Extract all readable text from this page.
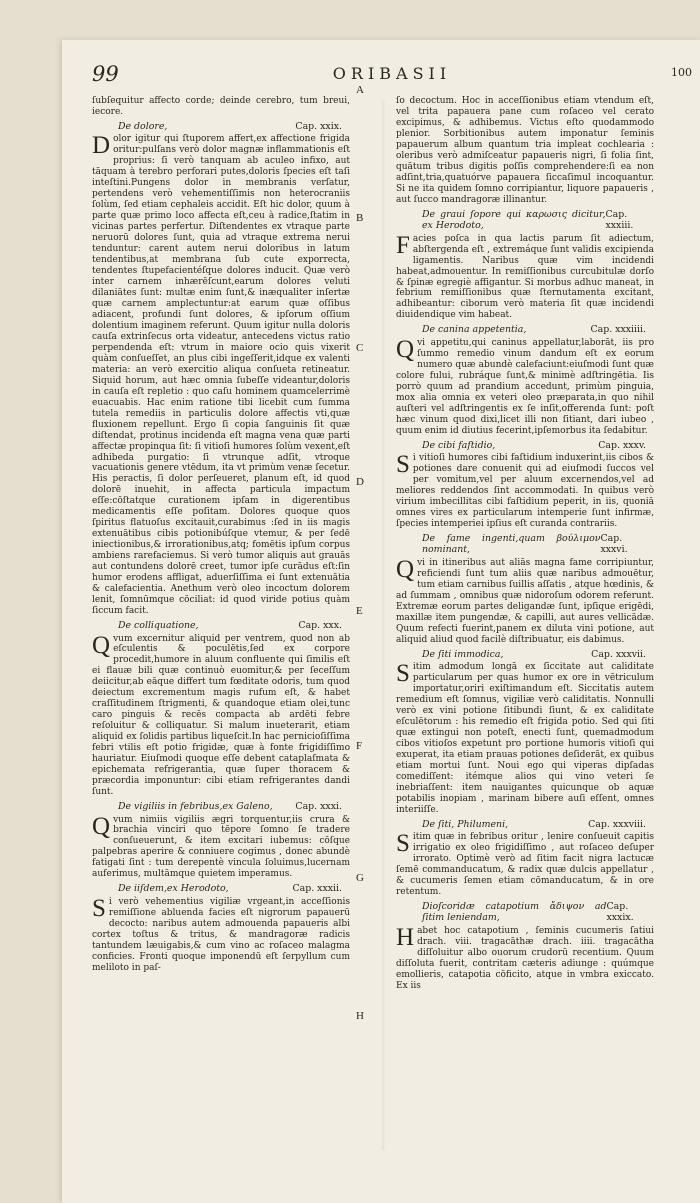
99	ORIBASII	100

ſubſequitur affecto corde; deinde cerebro, tum breui, iecore.

De dolore,	Cap. xxix.

Dolor igitur qui ſtuporem affert,ex affectione frigida oritur:pulſans verò dolor magnæ inflammationis eſt proprius: ſi verò tanquam ab aculeo infixo, aut tāquam à terebro perforari putes,doloris ſpecies eſt taſi inteſtini.Pungens dolor in membranis verſatur, pertendens verò vehementiſſimis non heterocraniis ſolùm, ſed etiam cephaleis accidit. Eſt hic dolor, quum à parte quæ primo loco affecta eſt,ceu à radice,ſtatim in vicinas partes perfertur. Diſtendentes ex vtraque parte neruorū dolores ſunt, quia ad vtraque extrema nerui tenduntur: carent autem nerui doloribus in latum tendentibus,at membrana ſub cute exporrecta, tendentes ſtupefacientéſque dolores inducit. Quæ verò inter carnem inhærēſcunt,earum dolores veluti dilaniātes ſunt: multæ enim ſunt,& inæqualiter inſertæ quæ carnem amplectuntur:at earum quæ oſſibus adiacent, profundi ſunt dolores, & ipſorum oſſium dolentium imaginem referunt. Quum igitur nulla doloris cauſa extrinſecus orta videatur, antecedens victus ratio perpendenda eſt: vtrum in maiore ocio quis vixerit quàm conſueſſet, an plus cibi ingeſſerit,idque ex valenti materia: an verò exercitio aliqua conſueta retineatur. Siquid horum, aut hæc omnia ſubeſſe videantur,doloris in cauſa eſt repletio : quo caſu hominem quamcelerrimè euacuabis. Hac enim ratione tibi licebit cum ſumma tutela remediis in particulis dolore affectis vti,quæ fluxionem repellunt. Ergo ſi copia ſanguinis ſit quæ diſtendat, protinus incidenda eſt magna vena quæ parti affectæ propinqua ſit: ſi vitioſi humores ſolùm vexent,eſt adhibeda purgatio: ſi vtrunque adſit, vtroque vacuationis genere vtēdum, ita vt primùm venæ ſecetur. His peractis, ſi dolor perſeueret, planum eſt, id quod dolorē inuehit, in affecta particula impactum eſſe:cōſtatque curationem ipſam in digerentibus medicamentis eſſe poſitam. Dolores quoque quos ſpiritus flatuoſus excitauit,curabimus :ſed in iis magis extenuātibus cibis potionibúſque vtemur, & per ſedē iniectionibus,& irrorationibus,atq; fomētis ipſum corpus ambiens rarefaciemus. Si verò tumor aliquis aut grauās aut contundens dolorē creet, tumor ipſe curādus eſt:ſin humor erodens affligat, aduerſiſſima ei ſunt extenuātia & calefacientia. Anethum verò oleo incoctum dolorem lenit, ſomnūmque cōciliat: id quod viride potius quàm ſiccum facit.

De colliquatione,	Cap. xxx.

Qvum excernitur aliquid per ventrem, quod non ab eſculentis & poculētis,ſed ex corpore procedit,humore in aluum confluente qui ſimilis eſt ei flauæ bili quæ continuò euomitur,& per ſeceſſum deiicitur,ab eāque differt tum fœditate odoris, tum quod deiectum excrementum magis rufum eſt, & habet craſſitudinem ſtrigmenti, & quandoque etiam olei,tunc caro pinguis & recēs compacta ab ardēti febre reſoluitur & colliquatur. Si malum inueterarit, etiam aliquid ex ſolidis partibus liqueſcit.In hac pernicioſiſſima febri vtilis eſt potio frigidæ, quæ à fonte frigidiſſimo hauriatur. Eiuſmodi quoque eſſe debent cataplaſmata & epichemata refrigerantia, quæ ſuper thoracem & præcordia imponuntur: cibi etiam refrigerantes dandi ſunt.

De vigiliis in febribus,ex Galeno, Cap. xxxi.

Qvum nimiis vigiliis ægri torquentur,iis crura & brachia vinciri quo tēpore ſomno ſe tradere conſueuerunt, & item excitari iubemus: cōſque palpebras aperire & conniuere cogimus , donec abundè fatigati ſint : tum derepentè vincula ſoluimus,lucernam auferimus, multāmque quietem imperamus.

De iiſdem,ex Herodoto,	Cap. xxxii.

Si verò vehementius vigiliæ vrgeant,in acceſſionis remiſſione abluenda facies eſt nigrorum papauerū decocto: naribus autem admouenda papaueris albi cortex toſtus & tritus, & mandragoræ radicis tantundem læuigabis,& cum vino ac roſaceo malagma conficies. Fronti quoque imponendū eſt ſerpyllum cum meliloto in paſ-

ſo decoctum. Hoc in acceſſionibus etiam vtendum eſt, vel trita papauera pane cum roſaceo vel cerato excipimus, & adhibemus. Victus eſto quodammodo plenior. Sorbitionibus autem imponatur ſeminis papauerum album quantum tria impleat cochlearia : oleribus verò admiſceatur papaueris nigri, ſi folia ſint, quātum tribus digitis poſſis comprehendere:ſi ea non adſint,tria,quatuórve papauera ſiccaſimul incoquantur. Si ne ita quidem ſomno corripiantur, liquore papaueris , aut ſucco mandragoræ illinantur.

De graui ſopore qui καρωσις dicitur, ex Herodoto,
Cap. xxxiii.

Facies poſca in qua lactis parum ſit adiectum, abſtergenda eſt , extremáque ſunt validis excipienda ligamentis. Naribus quæ vim incidendi habeat,admouentur. In remiſſionibus curcubitulæ dorſo & ſpinæ egregiè affigantur. Si morbus adhuc maneat, in febrium remiſſionibus quæ ſternutamenta excitant, adhibeantur: ciborum verò materia ſit quæ incidendi diuidendique vim habeat.

De canina appetentia,	Cap. xxxiiii.

Qvi appetitu,qui caninus appellatur,laborāt, iis pro ſummo remedio vinum dandum eſt ex eorum numero quæ abundè calefaciunt:eiuſmodi ſunt quæ colore fului, rubráque ſunt,& minimè adſtringētia. Iis porrò quum ad prandium accedunt, primùm pinguia, mox alia omnia ex veteri oleo præparata,in quo nihil auſteri vel adſtringentis ex ſe inſit,offerenda ſunt: poſt hæc vinum quod dixi,licet illi non ſitiant, dari iubeo , quum enim id diutius fecerint,ipſemorbus ita ſedabitur.

De cibi faſtidio,	Cap. xxxv.

Si vitioſi humores cibi faſtidium induxerint,iis cibos & potiones dare conuenit qui ad eiuſmodi ſuccos vel per vomitum,vel per aluum excernendos,vel ad meliores reddendos ſint accommodati. In quibus verò virium imbecillitas cibi faſtidium peperit, in iis, quoniā omnes vires ex particularum intemperie ſunt infirmæ, ſpecies intemperiei ipſius eſt curanda contrariis.

De fame ingenti,quam βούλιμον nominant,
Cap. xxxvi.

Qvi in itineribus aut aliās magna fame corripiuntur, reficiendi ſunt tum aliis quæ naribus admouētur, tum etiam carnibus ſuillis aſſatis , atque hœdinis, & ad ſummam , omnibus quæ nidoroſum odorem referunt. Extremæ eorum partes deligandæ ſunt, ipſique erigēdi, maxillæ item pungendæ, & capilli, aut aures vellicādæ. Quum refecti fuerint,panem ex diluta vini potione, aut aliquid aliud quod facilè diſtribuatur, eis dabimus.

De ſiti immodica,	Cap. xxxvii.

Sitim admodum longā ex ſiccitate aut caliditate particularum per quas humor ex ore in vētriculum importatur,oriri exiſtimandum eſt. Siccitatis autem remedium eſt ſomnus, vigiliæ verò caliditatis. Nonnulli verò ex vini potione ſitibundi ſiunt, & ex caliditate eſculētorum : his remedio eſt frigida potio. Sed qui ſiti quæ extingui non poteſt, enecti ſunt, quemadmodum cibos vitioſos expetunt pro portione humoris vitioſi qui exuperat, ita etiam prauas potiones deſiderāt, ex quibus etiam mortui ſunt. Noui ego qui viperas dipſadas comediſſent: itémque alios qui vino veteri ſe inebriaſſent: item nauigantes quicunque ob aquæ potabilis inopiam , marinam bibere auſi eſſent, omnes interiiſſe.

De ſiti, Philumeni,	Cap. xxxviii.

Sitim quæ in febribus oritur , lenire conſueuit capitis irrigatio ex oleo frigidiſſimo , aut roſaceo deſuper irrorato. Optimè verò ad ſitim facit nigra lactucæ ſemē commanducatum, & radix quæ dulcis appellatur , & cucumeris ſemen etiam cōmanducatum, & in ore retentum.

Dioſcoridæ catapotium ἄδιψον ad ſitim leniendam,
Cap. xxxix.

Habet hoc catapotium , ſeminis cucumeris ſatiui drach. viii. tragacāthæ drach. iiii. tragacātha diſſoluitur albo ouorum crudorū recentium. Quum diſſoluta fuerit, contritam cæteris adiunge : quúmque emollieris, catapotia cōficito, atque in vmbra exiccato. Ex iis

A
B
C
D
E
F
G
H
